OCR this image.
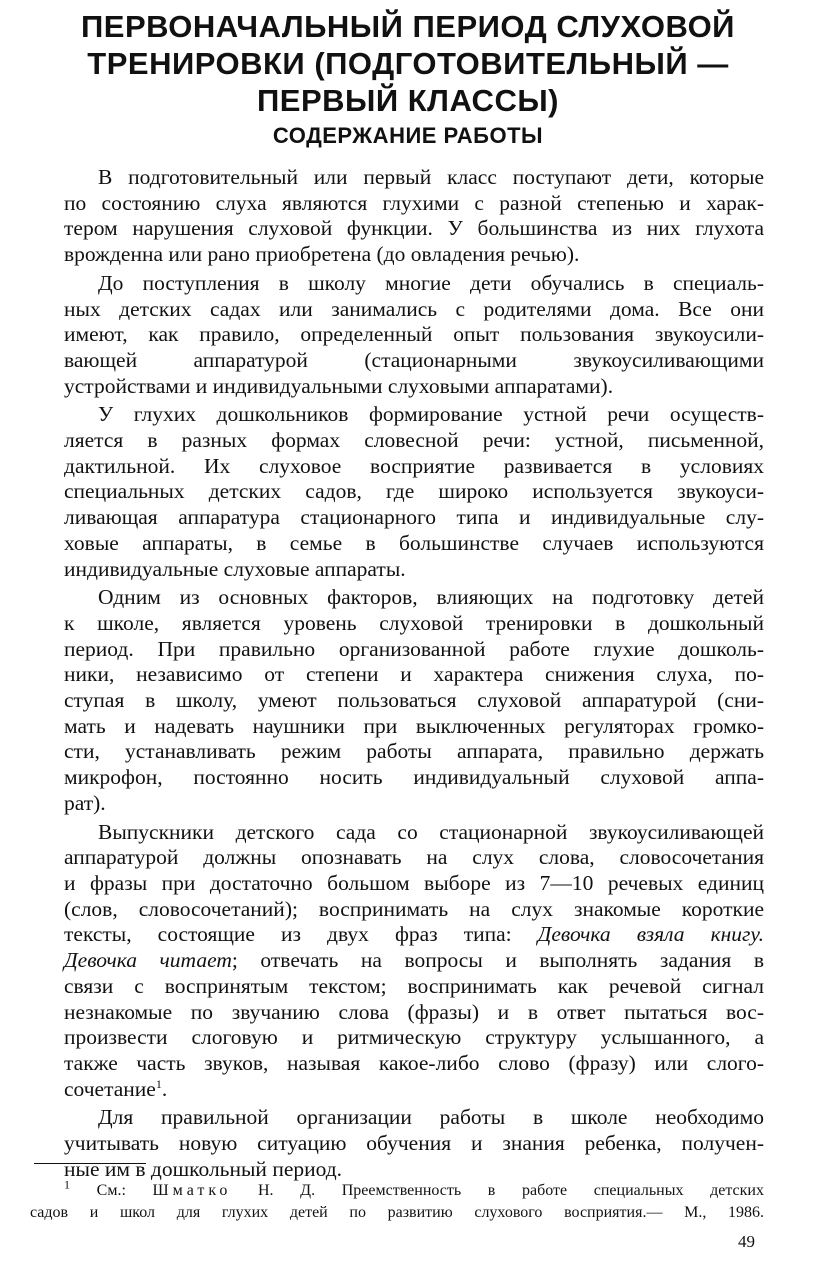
ПЕРВОНАЧАЛЬНЫЙ ПЕРИОД СЛУХОВОЙ
ТРЕНИРОВКИ (ПОДГОТОВИТЕЛЬНЫЙ —
ПЕРВЫЙ КЛАССЫ)
СОДЕРЖАНИЕ РАБОТЫ

В подготовительный или первый класс поступают дети, которые
по состоянию слуха являются глухими с разной степенью и харак-
тером нарушения слуховой функции. У большинства из них глухота
врожденна или рано приобретена (до овладения речью).

До поступления в школу многие дети обучались в специаль-
ных детских садах или занимались с родителями дома. Все они
имеют, как правило, определенный опыт пользования звукоусили-
вающей аппаратурой (стационарными звукоусиливающими
устройствами и индивидуальными слуховыми аппаратами).

У глухих дошкольников формирование устной речи осуществ-
ляется в разных формах словесной речи: устной, письменной,
дактильной. Их слуховое восприятие развивается в условиях
специальных детских садов, где широко используется звукоуси-
ливающая аппаратура стационарного типа и индивидуальные слу-
ховые аппараты, в семье в большинстве случаев используются
индивидуальные слуховые аппараты.

Одним из основных факторов, влияющих на подготовку детей
к школе, является уровень слуховой тренировки в дошкольный
период. При правильно организованной работе глухие дошколь-
ники, независимо от степени и характера снижения слуха, по-
ступая в школу, умеют пользоваться слуховой аппаратурой (сни-
мать и надевать наушники при выключенных регуляторах громко-
сти, устанавливать режим работы аппарата, правильно держать
микрофон, постоянно носить индивидуальный слуховой аппа-
рат).

Выпускники детского сада со стационарной звукоусиливающей
аппаратурой должны опознавать на слух слова, словосочетания
и фразы при достаточно большом выборе из 7—10 речевых единиц
(слов, словосочетаний); воспринимать на слух знакомые короткие
тексты, состоящие из двух фраз типа: Девочка взяла книгу.
Девочка читает; отвечать на вопросы и выполнять задания в
связи с воспринятым текстом; воспринимать как речевой сигнал
незнакомые по звучанию слова (фразы) и в ответ пытаться вос-
произвести слоговую и ритмическую структуру услышанного, а
также часть звуков, называя какое-либо слово (фразу) или слого-
сочетание$^1$.

Для правильной организации работы в школе необходимо
учитывать новую ситуацию обучения и знания ребенка, получен-
ные им в дошкольный период.

$^1$ См.: Шматко Н. Д. Преемственность в работе специальных детских
садов и школ для глухих детей по развитию слухового восприятия.— М., 1986.
49
